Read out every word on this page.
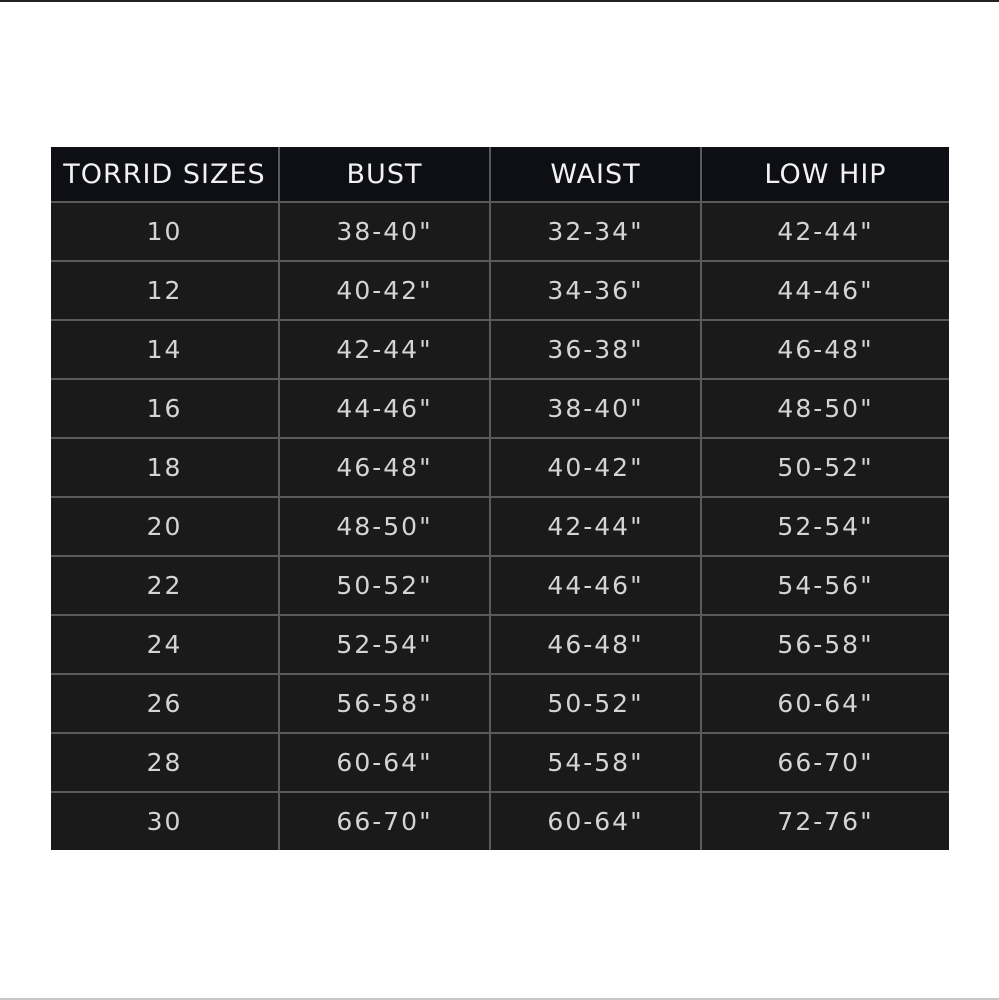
TORRID SIZES	BUST	WAIST	LOW HIP
10	38-40"	32-34"	42-44"
12	40-42"	34-36"	44-46"
14	42-44"	36-38"	46-48"
16	44-46"	38-40"	48-50"
18	46-48"	40-42"	50-52"
20	48-50"	42-44"	52-54"
22	50-52"	44-46"	54-56"
24	52-54"	46-48"	56-58"
26	56-58"	50-52"	60-64"
28	60-64"	54-58"	66-70"
30	66-70"	60-64"	72-76"
